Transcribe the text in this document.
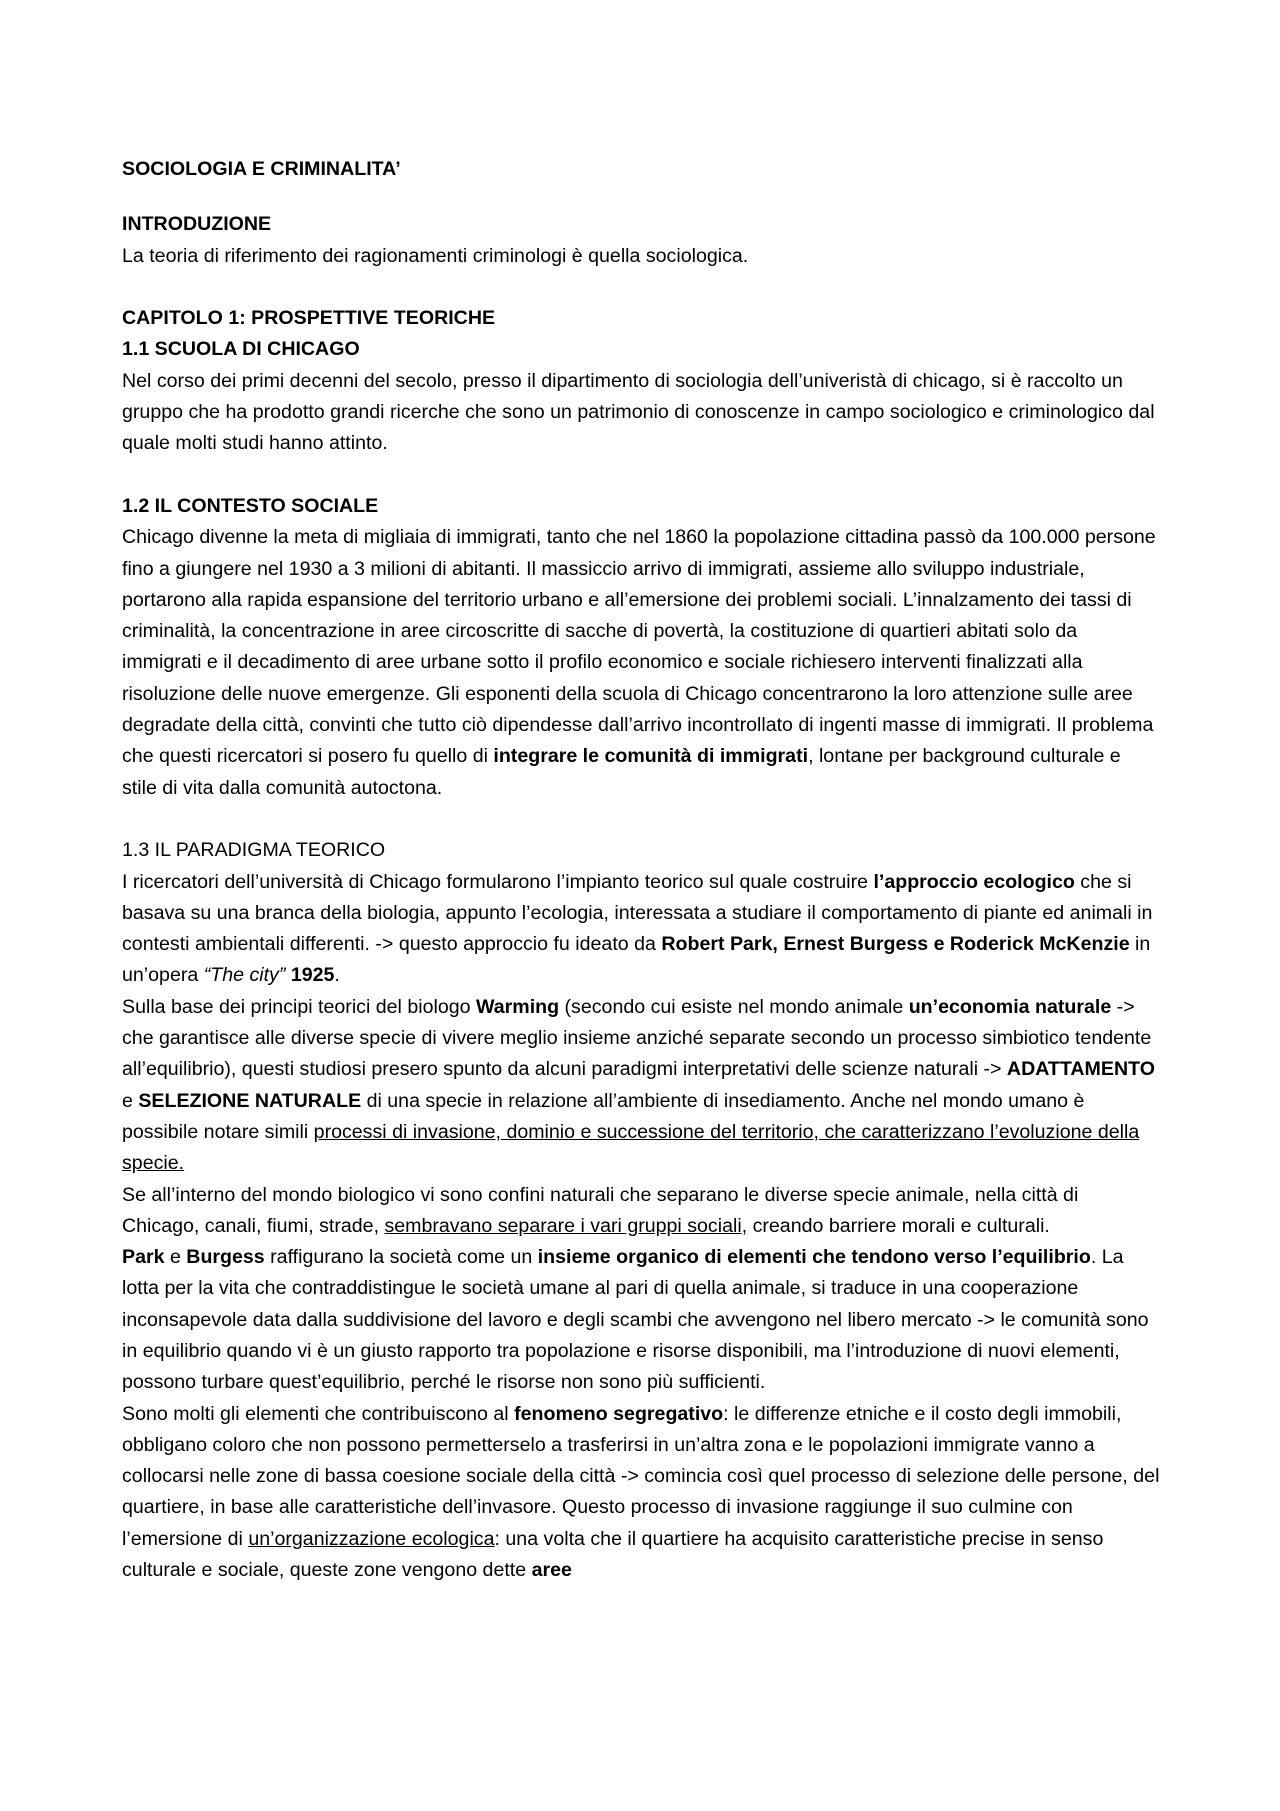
SOCIOLOGIA E CRIMINALITA’

INTRODUZIONE

La teoria di riferimento dei ragionamenti criminologi è quella sociologica.

CAPITOLO 1: PROSPETTIVE TEORICHE

1.1 SCUOLA DI CHICAGO

Nel corso dei primi decenni del secolo, presso il dipartimento di sociologia dell’univeristà di chicago, si è raccolto un gruppo che ha prodotto grandi ricerche che sono un patrimonio di conoscenze in campo sociologico e criminologico dal quale molti studi hanno attinto.

1.2 IL CONTESTO SOCIALE

Chicago divenne la meta di migliaia di immigrati, tanto che nel 1860 la popolazione cittadina passò da 100.000 persone fino a giungere nel 1930 a 3 milioni di abitanti. Il massiccio arrivo di immigrati, assieme allo sviluppo industriale, portarono alla rapida espansione del territorio urbano e all’emersione dei problemi sociali. L’innalzamento dei tassi di criminalità, la concentrazione in aree circoscritte di sacche di povertà, la costituzione di quartieri abitati solo da immigrati e il decadimento di aree urbane sotto il profilo economico e sociale richiesero interventi finalizzati alla risoluzione delle nuove emergenze. Gli esponenti della scuola di Chicago concentrarono la loro attenzione sulle aree degradate della città, convinti che tutto ciò dipendesse dall’arrivo incontrollato di ingenti masse di immigrati. Il problema che questi ricercatori si posero fu quello di integrare le comunità di immigrati, lontane per background culturale e stile di vita dalla comunità autoctona.

1.3 IL PARADIGMA TEORICO

I ricercatori dell’università di Chicago formularono l’impianto teorico sul quale costruire l’approccio ecologico che si basava su una branca della biologia, appunto l’ecologia, interessata a studiare il comportamento di piante ed animali in contesti ambientali differenti. -> questo approccio fu ideato da Robert Park, Ernest Burgess e Roderick McKenzie in un’opera “The city” 1925.

Sulla base dei principi teorici del biologo Warming (secondo cui esiste nel mondo animale un’economia naturale -> che garantisce alle diverse specie di vivere meglio insieme anziché separate secondo un processo simbiotico tendente all’equilibrio), questi studiosi presero spunto da alcuni paradigmi interpretativi delle scienze naturali -> ADATTAMENTO e SELEZIONE NATURALE di una specie in relazione all’ambiente di insediamento. Anche nel mondo umano è possibile notare simili processi di invasione, dominio e successione del territorio, che caratterizzano l’evoluzione della specie.

Se all’interno del mondo biologico vi sono confini naturali che separano le diverse specie animale, nella città di Chicago, canali, fiumi, strade, sembravano separare i vari gruppi sociali, creando barriere morali e culturali.

Park e Burgess raffigurano la società come un insieme organico di elementi che tendono verso l’equilibrio. La lotta per la vita che contraddistingue le società umane al pari di quella animale, si traduce in una cooperazione inconsapevole data dalla suddivisione del lavoro e degli scambi che avvengono nel libero mercato -> le comunità sono in equilibrio quando vi è un giusto rapporto tra popolazione e risorse disponibili, ma l’introduzione di nuovi elementi, possono turbare quest’equilibrio, perché le risorse non sono più sufficienti.

Sono molti gli elementi che contribuiscono al fenomeno segregativo: le differenze etniche e il costo degli immobili, obbligano coloro che non possono permetterselo a trasferirsi in un’altra zona e le popolazioni immigrate vanno a collocarsi nelle zone di bassa coesione sociale della città -> comincia così quel processo di selezione delle persone, del quartiere, in base alle caratteristiche dell’invasore. Questo processo di invasione raggiunge il suo culmine con l’emersione di un’organizzazione ecologica: una volta che il quartiere ha acquisito caratteristiche precise in senso culturale e sociale, queste zone vengono dette aree
